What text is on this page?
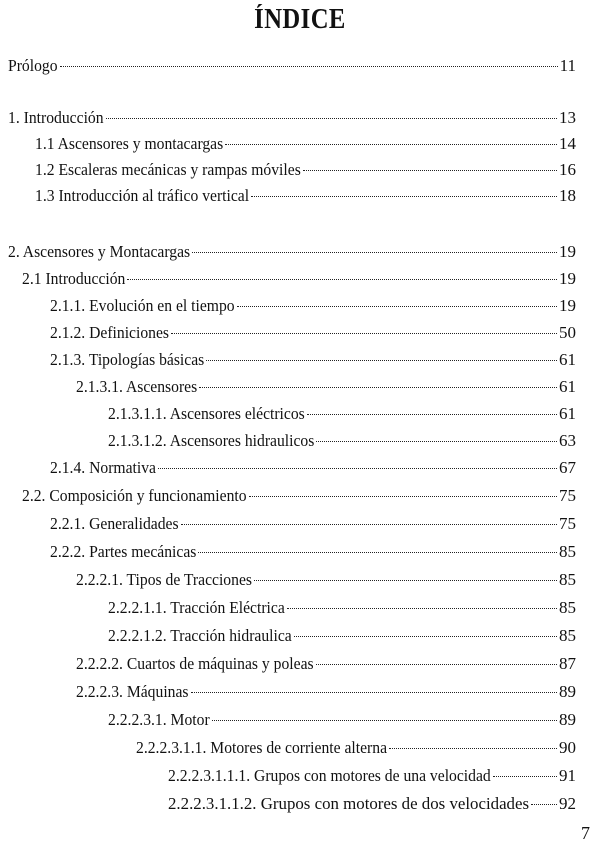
ÍNDICE
Prólogo	11
1. Introducción	13
1.1 Ascensores y montacargas	14
1.2 Escaleras mecánicas y rampas móviles	16
1.3 Introducción al tráfico vertical	18
2. Ascensores y Montacargas	19
2.1 Introducción	19
2.1.1. Evolución en el tiempo	19
2.1.2. Definiciones	50
2.1.3. Tipologías básicas	61
2.1.3.1. Ascensores	61
2.1.3.1.1. Ascensores eléctricos	61
2.1.3.1.2. Ascensores hidraulicos	63
2.1.4. Normativa	67
2.2. Composición y funcionamiento	75
2.2.1. Generalidades	75
2.2.2. Partes mecánicas	85
2.2.2.1. Tipos de Tracciones	85
2.2.2.1.1. Tracción Eléctrica	85
2.2.2.1.2. Tracción hidraulica	85
2.2.2.2. Cuartos de máquinas y poleas	87
2.2.2.3. Máquinas	89
2.2.2.3.1. Motor	89
2.2.2.3.1.1. Motores de corriente alterna	90
2.2.2.3.1.1.1. Grupos con motores de una velocidad	91
2.2.2.3.1.1.2. Grupos con motores de dos velocidades 92
7
